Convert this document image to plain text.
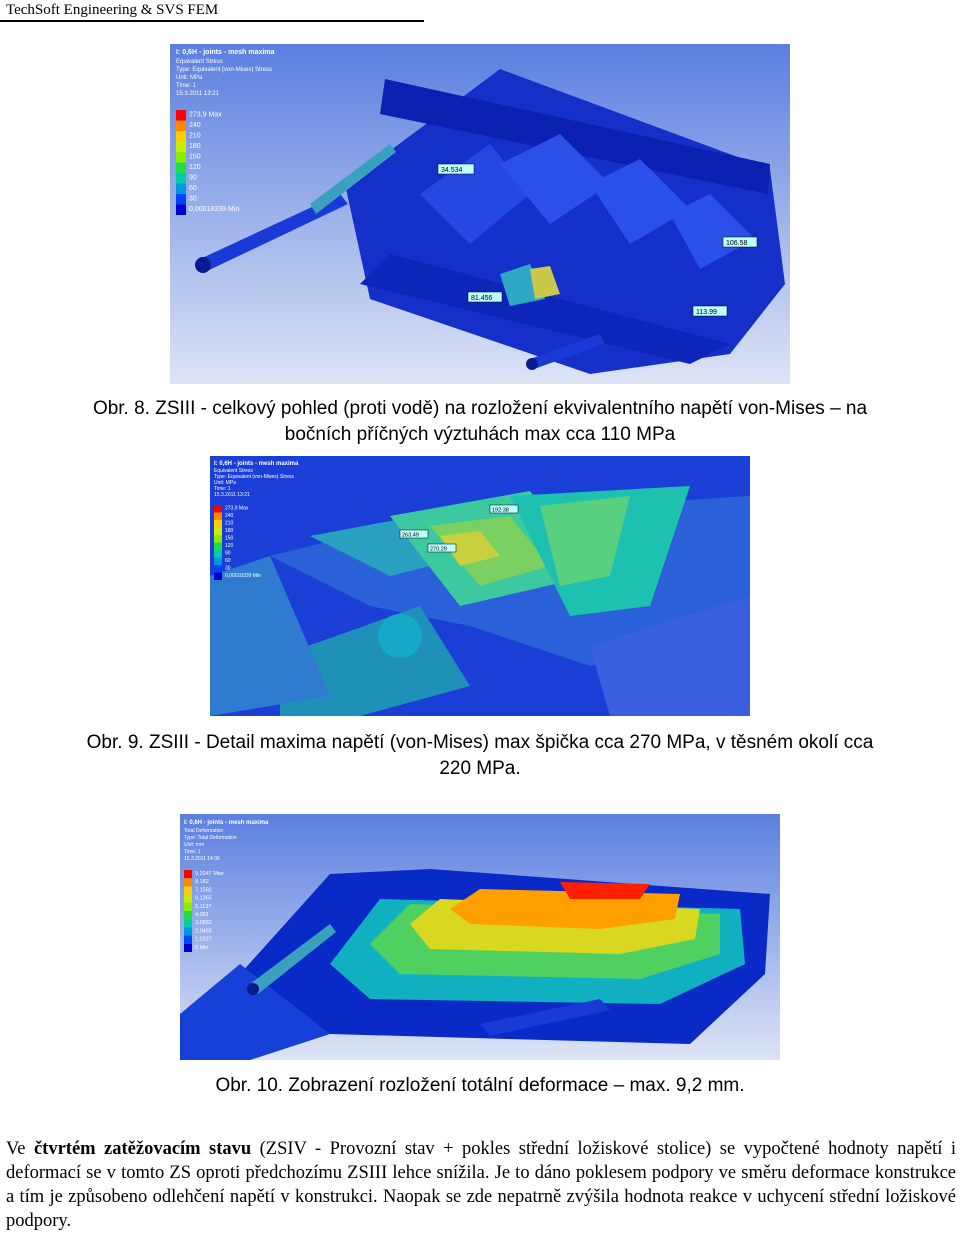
TechSoft Engineering & SVS FEM
I: 0,6H - joints - mesh maxima
Equivalent Stress
Type: Equivalent (von-Mises) Stress
Unit: MPa
Time: 1
15.3.2011 13:21
273,9 Max
240
210
180
150
120
90
60
30
0,00018339 Min
34.534
106.58
81.456
113.99
Obr. 8. ZSIII - celkový pohled (proti vodě) na rozložení ekvivalentního napětí von-Mises – na
bočních příčných výztuhách max cca 110 MPa
I: 0,6H - joints - mesh maxima
Equivalent Stress
Type: Equivalent (von-Mises) Stress
Unit: MPa
Time: 1
15.3.2011 13:21
273,9 Max
240
210
180
150
120
90
60
30
0,00018339 Min
192.38
263.49
270.29
Obr. 9. ZSIII - Detail maxima napětí (von-Mises) max špička cca 270 MPa, v těsném okolí cca
220 MPa.
I: 0,6H - joints - mesh maxima
Total Deformation
Type: Total Deformation
Unit: mm
Time: 1
15.3.2011 14:36
9,2047 Max
8,182
7,1592
6,1365
5,1137
4,091
3,0682
2,0455
1,0227
0 Min
Obr. 10. Zobrazení rozložení totální deformace – max. 9,2 mm.
Ve čtvrtém zatěžovacím stavu (ZSIV - Provozní stav + pokles střední ložiskové stolice) se vypočtené hodnoty napětí i deformací se v tomto ZS oproti předchozímu ZSIII lehce snížila. Je to dáno poklesem podpory ve směru deformace konstrukce a tím je způsobeno odlehčení napětí v konstrukci. Naopak se zde nepatrně zvýšila hodnota reakce v uchycení střední ložiskové podpory.
